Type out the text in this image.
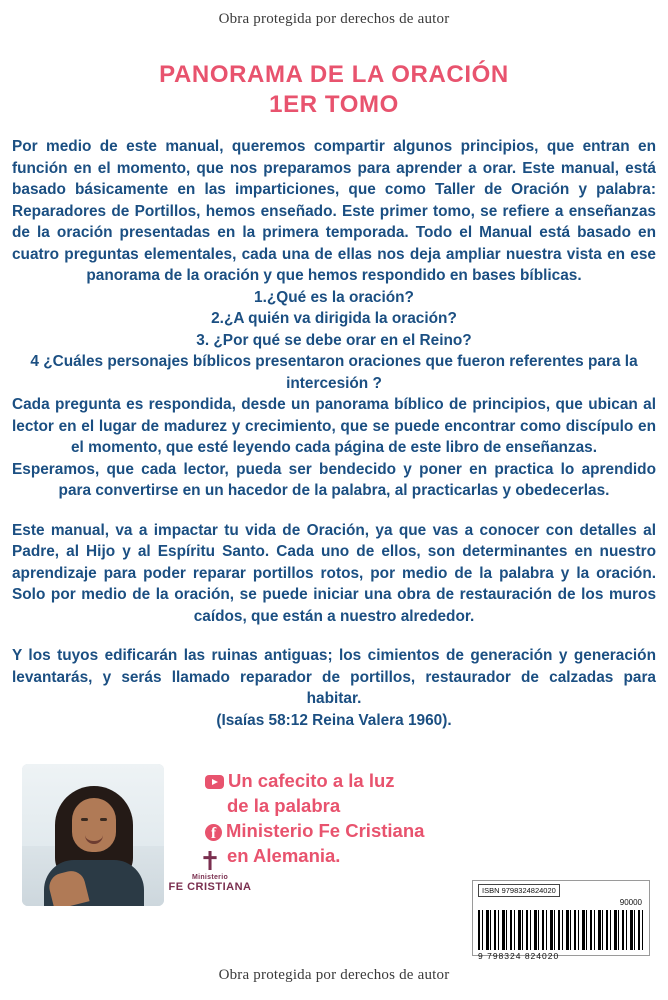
Obra protegida por derechos de autor
PANORAMA DE LA ORACIÓN
1ER TOMO

Por medio de este manual, queremos compartir algunos principios, que entran en función en el momento, que nos preparamos para aprender a orar. Este manual, está basado básicamente en las imparticiones, que como Taller de Oración y palabra: Reparadores de Portillos, hemos enseñado. Este primer tomo, se refiere a enseñanzas de la oración presentadas en la primera temporada. Todo el Manual está basado en cuatro preguntas elementales, cada una de ellas nos deja ampliar nuestra vista en ese panorama de la oración y que hemos respondido en bases bíblicas.

1.¿Qué es la oración?
2.¿A quién va dirigida la oración?
3. ¿Por qué se debe orar en el Reino?
4 ¿Cuáles personajes bíblicos presentaron oraciones que fueron referentes para la intercesión ?

Cada pregunta es respondida, desde un panorama bíblico de principios, que ubican al lector en el lugar de madurez y crecimiento, que se puede encontrar como discípulo en el momento, que esté leyendo cada página de este libro de enseñanzas.

Esperamos, que cada lector, pueda ser bendecido y poner en practica lo aprendido para convertirse en un hacedor de la palabra, al practicarlas y obedecerlas.

Este manual, va a impactar tu vida de Oración, ya que vas a conocer con detalles al Padre, al Hijo y al Espíritu Santo. Cada uno de ellos, son determinantes en nuestro aprendizaje para poder reparar portillos rotos, por medio de la palabra y la oración. Solo por medio de la oración, se puede iniciar una obra de restauración de los muros caídos, que están a nuestro alrededor.

Y los tuyos edificarán las ruinas antiguas; los cimientos de generación y generación levantarás, y serás llamado reparador de portillos, restaurador de calzadas para habitar.

(Isaías 58:12 Reina Valera 1960).

✝
Ministerio
FE CRISTIANA
Un cafecito a la luz
de la palabra
fMinisterio Fe Cristiana
en Alemania.
ISBN 9798324824020
90000
9 798324 824020
Obra protegida por derechos de autor
